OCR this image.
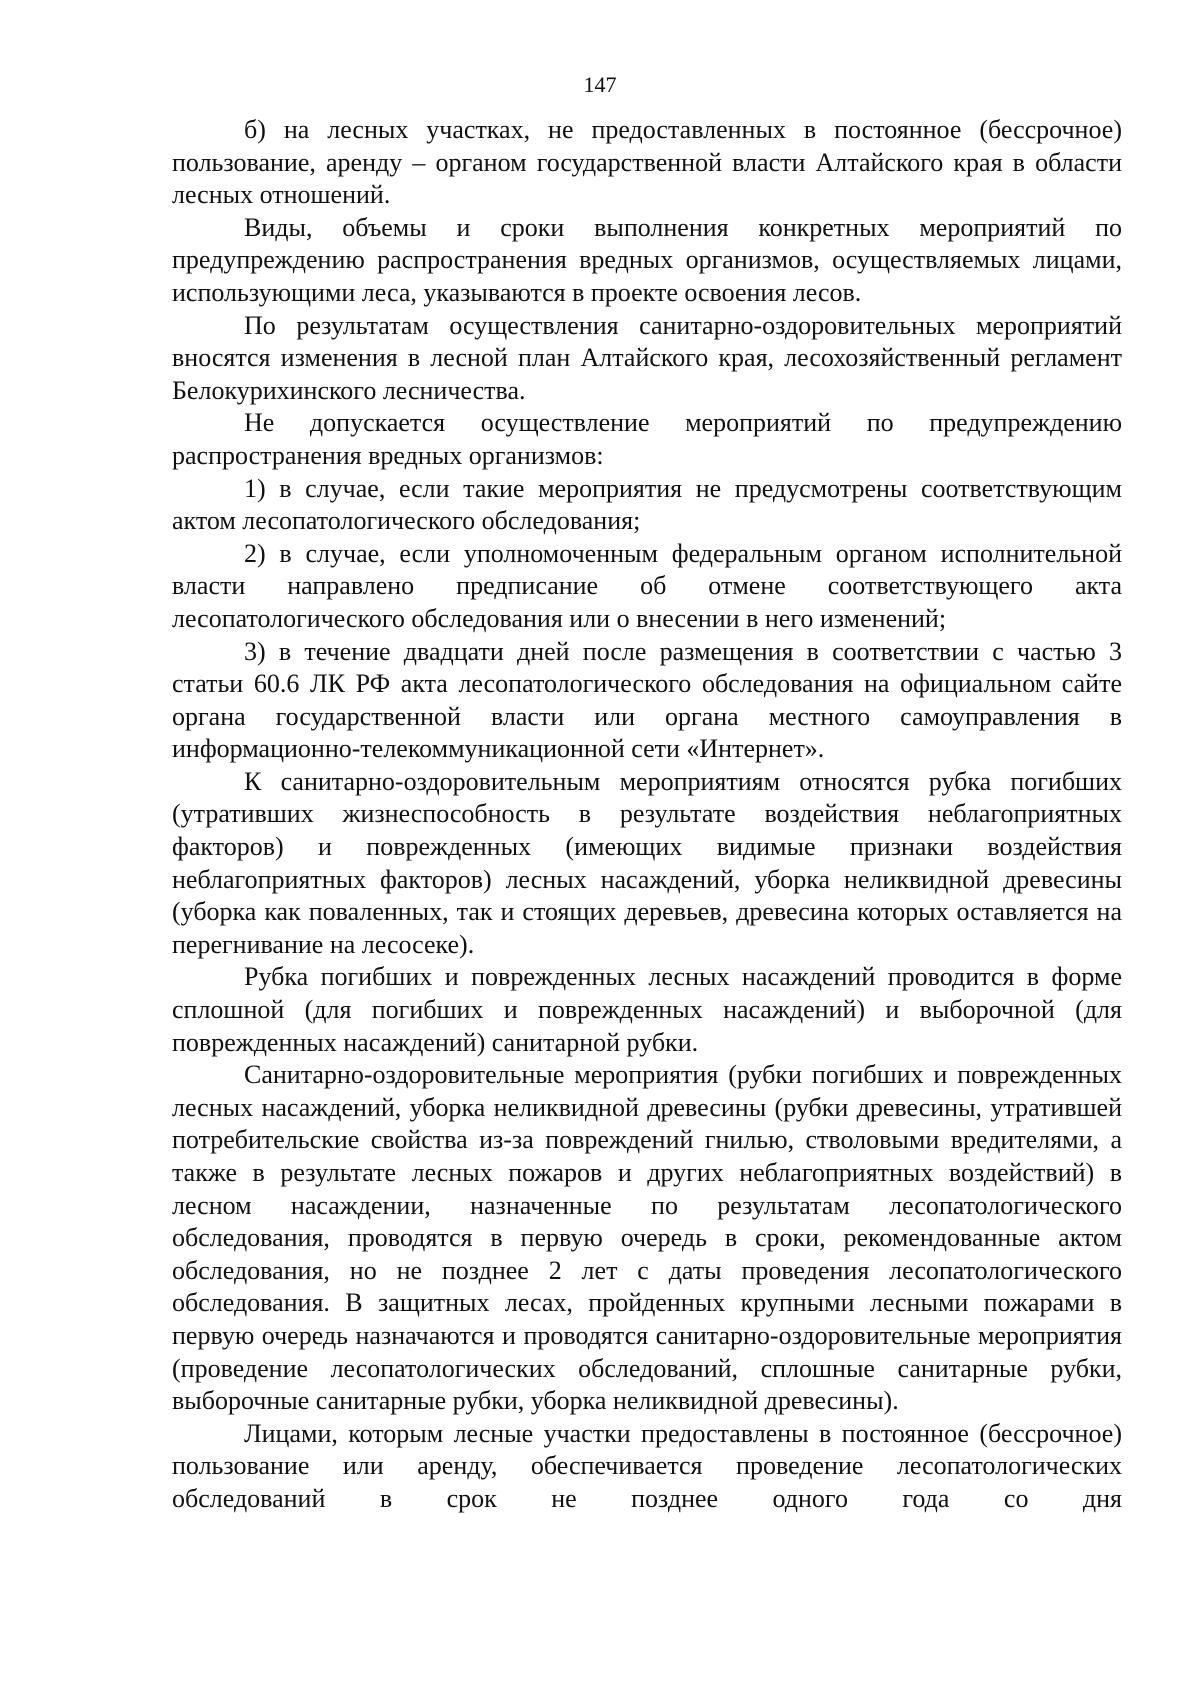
147

б) на лесных участках, не предоставленных в постоянное (бессрочное) пользование, аренду – органом государственной власти Алтайского края в области лесных отношений.

Виды, объемы и сроки выполнения конкретных мероприятий по предупреждению распространения вредных организмов, осуществляемых лицами, использующими леса, указываются в проекте освоения лесов.

По результатам осуществления санитарно-оздоровительных мероприятий вносятся изменения в лесной план Алтайского края, лесохозяйственный регламент Белокурихинского лесничества.

Не допускается осуществление мероприятий по предупреждению распространения вредных организмов:

1) в случае, если такие мероприятия не предусмотрены соответствующим актом лесопатологического обследования;

2) в случае, если уполномоченным федеральным органом исполнительной власти направлено предписание об отмене соответствующего акта лесопатологического обследования или о внесении в него изменений;

3) в течение двадцати дней после размещения в соответствии с частью 3 статьи 60.6 ЛК РФ акта лесопатологического обследования на официальном сайте органа государственной власти или органа местного самоуправления в информационно-телекоммуникационной сети «Интернет».

К санитарно-оздоровительным мероприятиям относятся рубка погибших (утративших жизнеспособность в результате воздействия неблагоприятных факторов) и поврежденных (имеющих видимые признаки воздействия неблагоприятных факторов) лесных насаждений, уборка неликвидной древесины (уборка как поваленных, так и стоящих деревьев, древесина которых оставляется на перегнивание на лесосеке).

Рубка погибших и поврежденных лесных насаждений проводится в форме сплошной (для погибших и поврежденных насаждений) и выборочной (для поврежденных насаждений) санитарной рубки.

Санитарно-оздоровительные мероприятия (рубки погибших и поврежденных лесных насаждений, уборка неликвидной древесины (рубки древесины, утратившей потребительские свойства из-за повреждений гнилью, стволовыми вредителями, а также в результате лесных пожаров и других неблагоприятных воздействий) в лесном насаждении, назначенные по результатам лесопатологического обследования, проводятся в первую очередь в сроки, рекомендованные актом обследования, но не позднее 2 лет с даты проведения лесопатологического обследования. В защитных лесах, пройденных крупными лесными пожарами в первую очередь назначаются и проводятся санитарно-оздоровительные мероприятия (проведение лесопатологических обследований, сплошные санитарные рубки, выборочные санитарные рубки, уборка неликвидной древесины).

Лицами, которым лесные участки предоставлены в постоянное (бессрочное) пользование или аренду, обеспечивается проведение лесопатологических обследований в срок не позднее одного года со дня
